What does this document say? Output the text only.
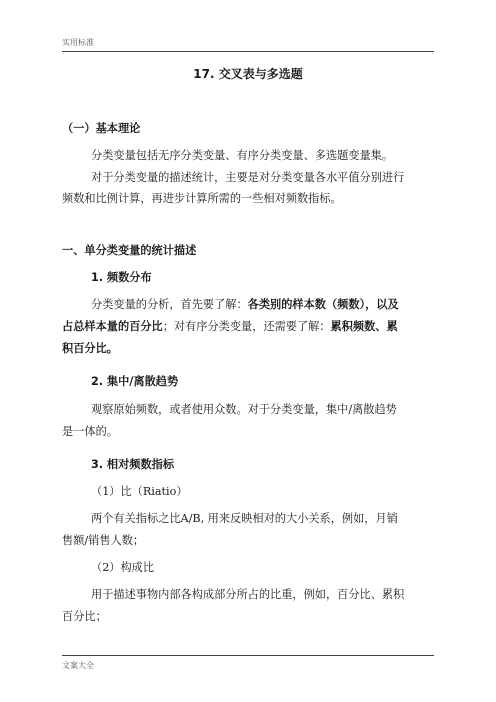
实用标准
17. 交叉表与多选题
（一）基本理论
分类变量包括无序分类变量、有序分类变量、多选题变量集。
对于分类变量的描述统计，主要是对分类变量各水平值分别进行
频数和比例计算，再进步计算所需的一些相对频数指标。
一、单分类变量的统计描述
1. 频数分布
分类变量的分析，首先要了解：各类别的样本数（频数），以及
占总样本量的百分比；对有序分类变量，还需要了解：累积频数、累
积百分比。
2. 集中/离散趋势
观察原始频数，或者使用众数。对于分类变量，集中/离散趋势
是一体的。
3. 相对频数指标
（1）比（Riatio）
两个有关指标之比A/B, 用来反映相对的大小关系，例如，月销
售额/销售人数；
（2）构成比
用于描述事物内部各构成部分所占的比重，例如，百分比、累积
百分比；
文案大全
